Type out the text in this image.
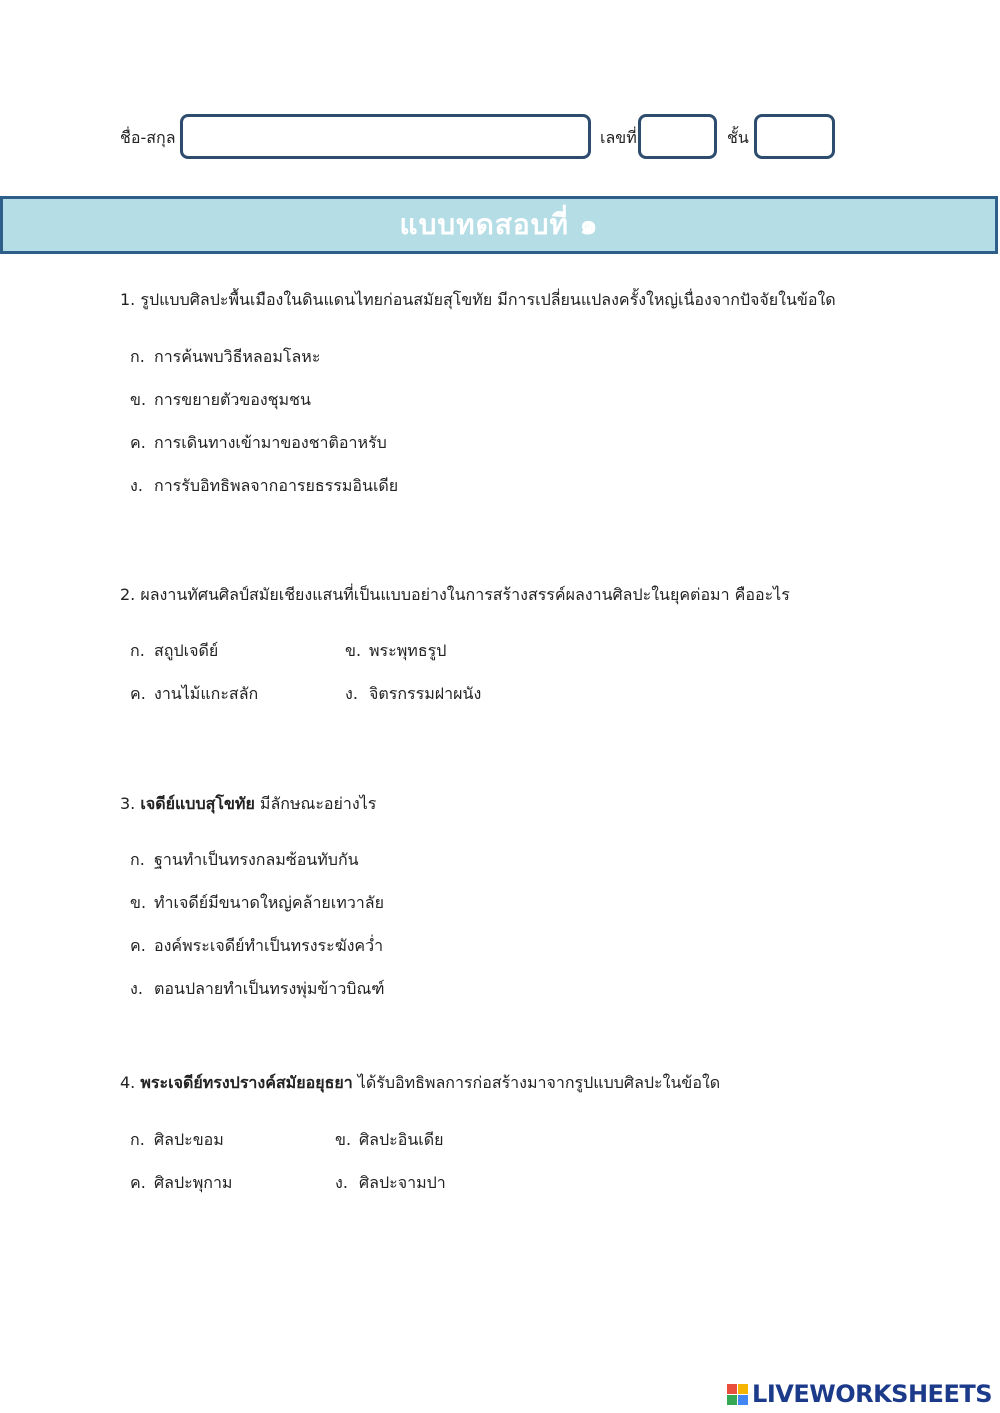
ชื่อ-สกุล	เลขที่	ชั้น
แบบทดสอบที่ ๑
1. รูปแบบศิลปะพื้นเมืองในดินแดนไทยก่อนสมัยสุโขทัย มีการเปลี่ยนแปลงครั้งใหญ่เนื่องจากปัจจัยในข้อใด
ก. การค้นพบวิธีหลอมโลหะ
ข. การขยายตัวของชุมชน
ค. การเดินทางเข้ามาของชาติอาหรับ
ง. การรับอิทธิพลจากอารยธรรมอินเดีย
2. ผลงานทัศนศิลป์สมัยเชียงแสนที่เป็นแบบอย่างในการสร้างสรรค์ผลงานศิลปะในยุคต่อมา คืออะไร
ก. สถูปเจดีย์	ข. พระพุทธรูป
ค. งานไม้แกะสลัก	ง. จิตรกรรมฝาผนัง
3. เจดีย์แบบสุโขทัย มีลักษณะอย่างไร
ก. ฐานทำเป็นทรงกลมซ้อนทับกัน
ข. ทำเจดีย์มีขนาดใหญ่คล้ายเทวาลัย
ค. องค์พระเจดีย์ทำเป็นทรงระฆังคว่ำ
ง. ตอนปลายทำเป็นทรงพุ่มข้าวบิณฑ์
4. พระเจดีย์ทรงปรางค์สมัยอยุธยา ได้รับอิทธิพลการก่อสร้างมาจากรูปแบบศิลปะในข้อใด
ก. ศิลปะขอม	ข. ศิลปะอินเดีย
ค. ศิลปะพุกาม	ง. ศิลปะจามปา
LIVEWORKSHEETS
